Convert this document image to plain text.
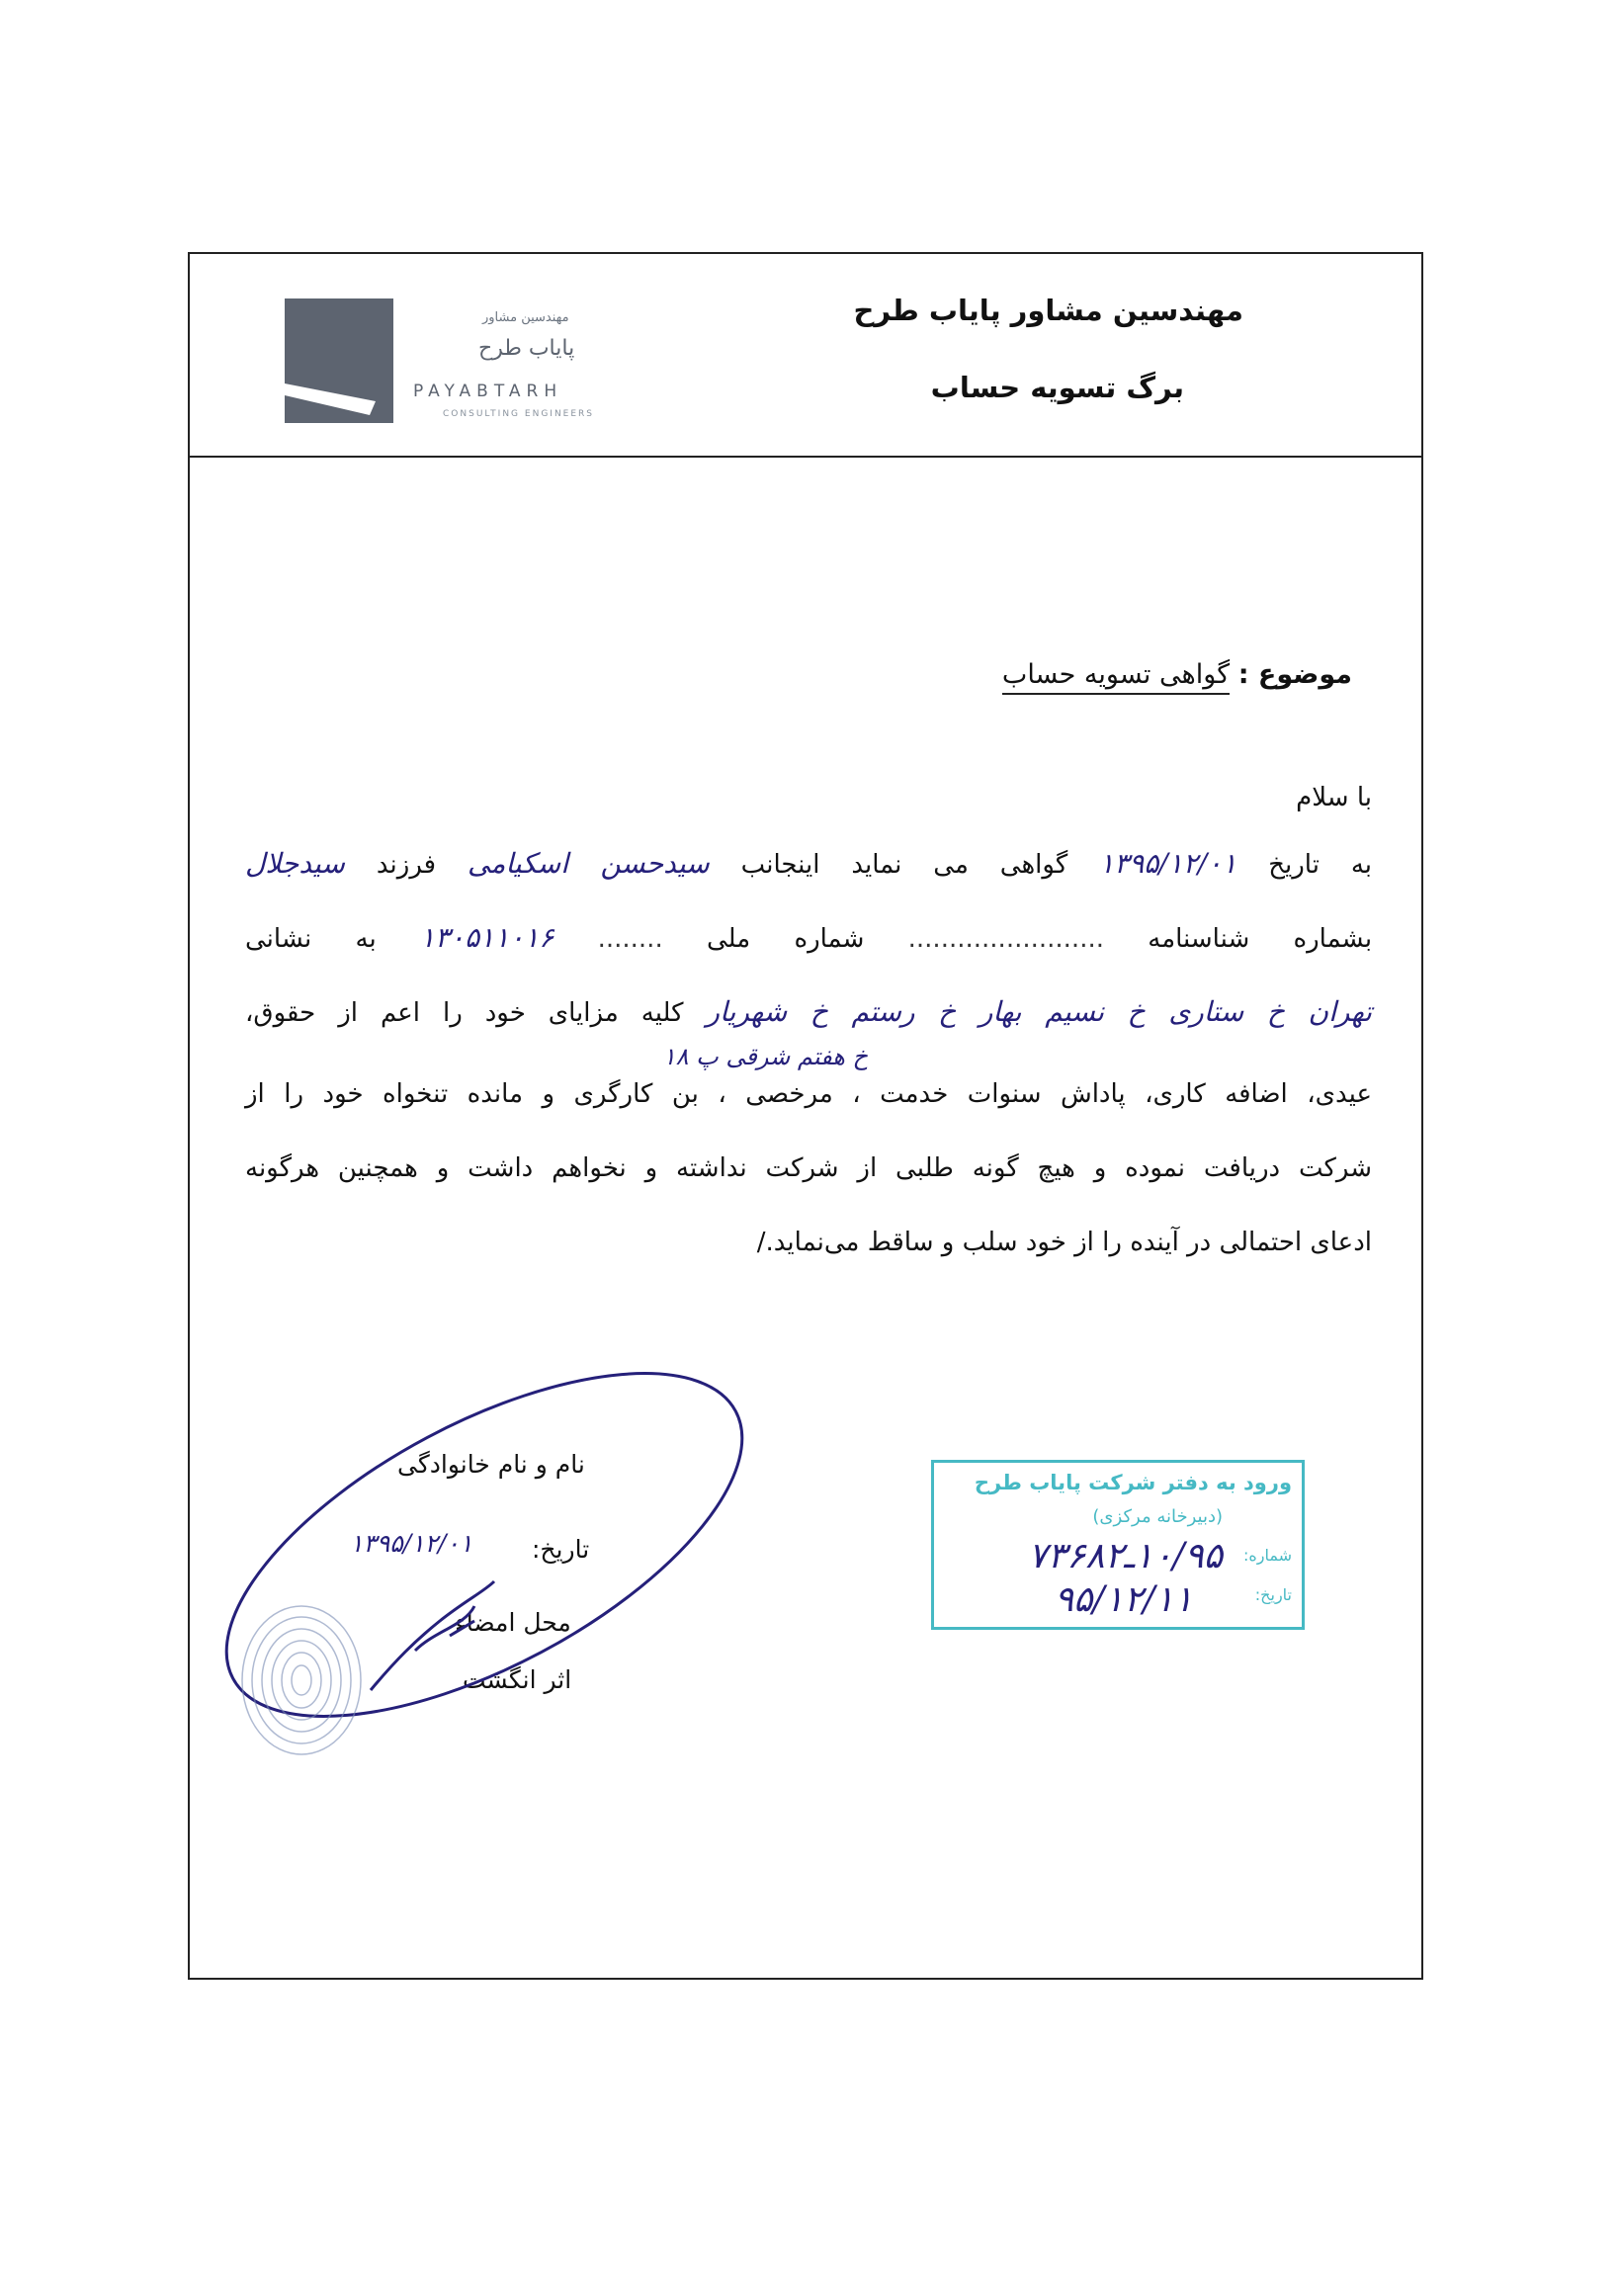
مهندسین مشاور پایاب طرح
برگ تسویه حساب
مهندسین مشاور
پایاب طرح
PAYABTARH
CONSULTING ENGINEERS
موضوع : گواهی تسویه حساب
با سلام
به تاریخ ۱۳۹۵/۱۲/۰۱ گواهی می نماید اینجانب سیدحسن اسکیامی فرزند سیدجلال
بشماره شناسنامه ........................ شماره ملی ........ ۱۳۰۵۱۱۰۱۶ به نشانی
تهران خ ستاری خ نسیم بهار خ رستم خ شهریار کلیه مزایای خود را اعم از حقوق،
خ هفتم شرقی پ ۱۸
عیدی، اضافه کاری، پاداش سنوات خدمت ، مرخصی ، بن کارگری و مانده تنخواه خود را از
شرکت دریافت نموده و هیچ گونه طلبی از شرکت نداشته و نخواهم داشت و همچنین هرگونه
ادعای احتمالی در آینده را از خود سلب و ساقط می‌نماید./
نام و نام خانوادگی
تاریخ:
۱۳۹۵/۱۲/۰۱
محل امضاء
اثر انگشت
ورود به دفتر شرکت پایاب طرح
(دبیرخانه مرکزی)
شماره:
۱۰/۹۵ـ۷۳۶۸۲
تاریخ:
۹۵/۱۲/۱۱
